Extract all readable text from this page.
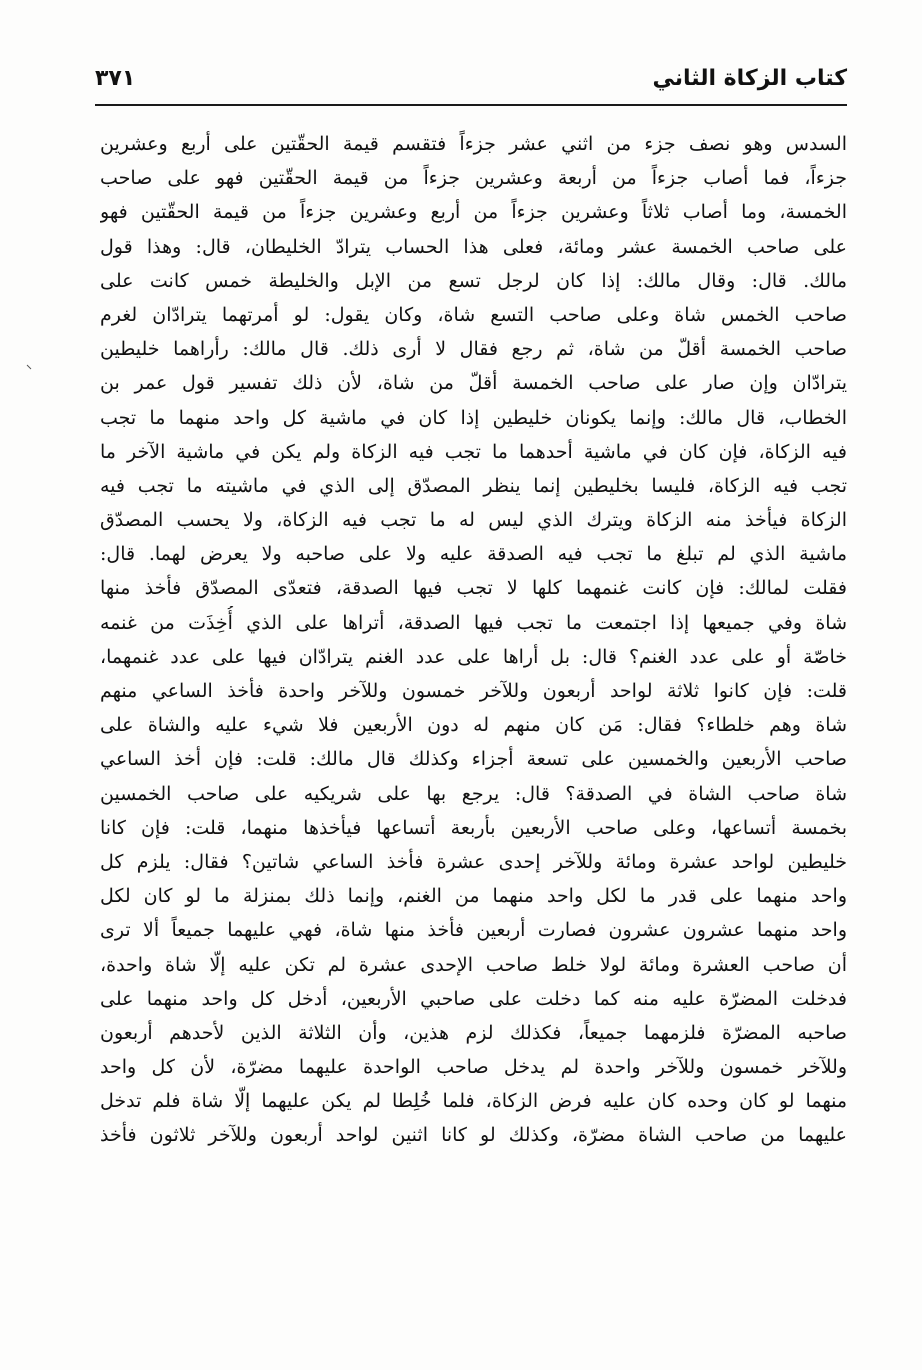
كتاب الزكاة الثاني
٣٧١
السدس وهو نصف جزء من اثني عشر جزءاً فتقسم قيمة الحقّتين على أربع وعشرين
جزءاً، فما أصاب جزءاً من أربعة وعشرين جزءاً من قيمة الحقّتين فهو على صاحب
الخمسة، وما أصاب ثلاثاً وعشرين جزءاً من أربع وعشرين جزءاً من قيمة الحقّتين فهو
على صاحب الخمسة عشر ومائة، فعلى هذا الحساب يترادّ الخليطان، قال: وهذا قول
مالك. قال: وقال مالك: إذا كان لرجل تسع من الإبل والخليطة خمس كانت على
صاحب الخمس شاة وعلى صاحب التسع شاة، وكان يقول: لو أمرتهما يترادّان لغرم
صاحب الخمسة أقلّ من شاة، ثم رجع فقال لا أرى ذلك. قال مالك: رأراهما خليطين
يترادّان وإن صار على صاحب الخمسة أقلّ من شاة، لأن ذلك تفسير قول عمر بن
الخطاب، قال مالك: وإنما يكونان خليطين إذا كان في ماشية كل واحد منهما ما تجب
فيه الزكاة، فإن كان في ماشية أحدهما ما تجب فيه الزكاة ولم يكن في ماشية الآخر ما
تجب فيه الزكاة، فليسا بخليطين إنما ينظر المصدّق إلى الذي في ماشيته ما تجب فيه
الزكاة فيأخذ منه الزكاة ويترك الذي ليس له ما تجب فيه الزكاة، ولا يحسب المصدّق
ماشية الذي لم تبلغ ما تجب فيه الصدقة عليه ولا على صاحبه ولا يعرض لهما. قال:
فقلت لمالك: فإن كانت غنمهما كلها لا تجب فيها الصدقة، فتعدّى المصدّق فأخذ منها
شاة وفي جميعها إذا اجتمعت ما تجب فيها الصدقة، أتراها على الذي أُخِذَت من غنمه
خاصّة أو على عدد الغنم؟ قال: بل أراها على عدد الغنم يترادّان فيها على عدد غنمهما،
قلت: فإن كانوا ثلاثة لواحد أربعون وللآخر خمسون وللآخر واحدة فأخذ الساعي منهم
شاة وهم خلطاء؟ فقال: مَن كان منهم له دون الأربعين فلا شيء عليه والشاة على
صاحب الأربعين والخمسين على تسعة أجزاء وكذلك قال مالك: قلت: فإن أخذ الساعي
شاة صاحب الشاة في الصدقة؟ قال: يرجع بها على شريكيه على صاحب الخمسين
بخمسة أتساعها، وعلى صاحب الأربعين بأربعة أتساعها فيأخذها منهما، قلت: فإن كانا
خليطين لواحد عشرة ومائة وللآخر إحدى عشرة فأخذ الساعي شاتين؟ فقال: يلزم كل
واحد منهما على قدر ما لكل واحد منهما من الغنم، وإنما ذلك بمنزلة ما لو كان لكل
واحد منهما عشرون عشرون فصارت أربعين فأخذ منها شاة، فهي عليهما جميعاً ألا ترى
أن صاحب العشرة ومائة لولا خلط صاحب الإحدى عشرة لم تكن عليه إلّا شاة واحدة،
فدخلت المضرّة عليه منه كما دخلت على صاحبي الأربعين، أدخل كل واحد منهما على
صاحبه المضرّة فلزمهما جميعاً، فكذلك لزم هذين، وأن الثلاثة الذين لأحدهم أربعون
وللآخر خمسون وللآخر واحدة لم يدخل صاحب الواحدة عليهما مضرّة، لأن كل واحد
منهما لو كان وحده كان عليه فرض الزكاة، فلما خُلِطا لم يكن عليهما إلّا شاة فلم تدخل
عليهما من صاحب الشاة مضرّة، وكذلك لو كانا اثنين لواحد أربعون وللآخر ثلاثون فأخذ
